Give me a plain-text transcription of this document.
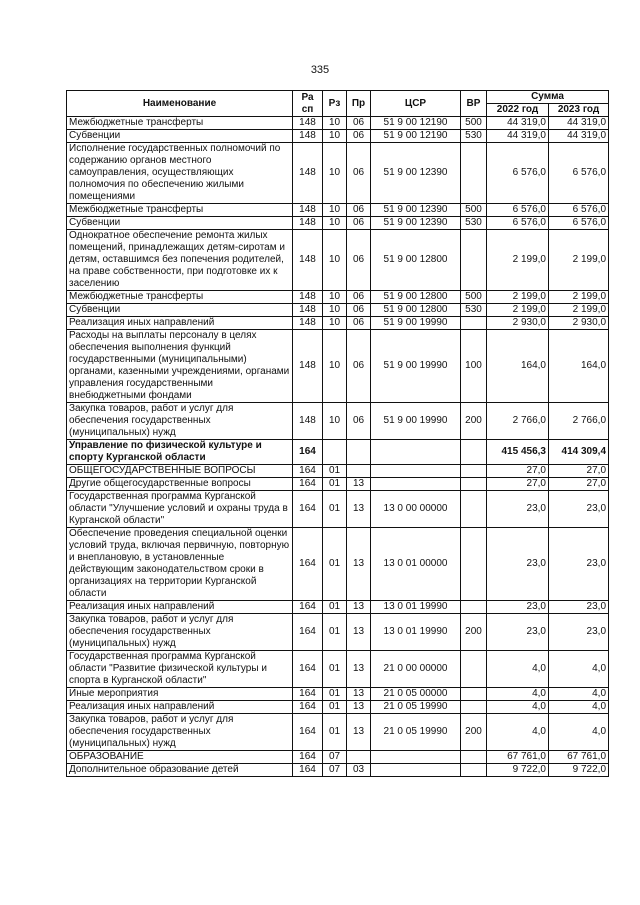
335
Наименование	Ра сп	Рз	Пр	ЦСР	ВР	Сумма	
						2022 год	2023 год
Межбюджетные трансферты	148	10	06	51 9 00 12190	500	44 319,0	44 319,0
Субвенции	148	10	06	51 9 00 12190	530	44 319,0	44 319,0
Исполнение государственных полномочий по содержанию органов местного самоуправления, осуществляющих полномочия по обеспечению жилыми помещениями	148	10	06	51 9 00 12390		6 576,0	6 576,0
Межбюджетные трансферты	148	10	06	51 9 00 12390	500	6 576,0	6 576,0
Субвенции	148	10	06	51 9 00 12390	530	6 576,0	6 576,0
Однократное обеспечение ремонта жилых помещений, принадлежащих детям-сиротам и детям, оставшимся без попечения родителей, на праве собственности, при подготовке их к заселению	148	10	06	51 9 00 12800		2 199,0	2 199,0
Межбюджетные трансферты	148	10	06	51 9 00 12800	500	2 199,0	2 199,0
Субвенции	148	10	06	51 9 00 12800	530	2 199,0	2 199,0
Реализация иных направлений	148	10	06	51 9 00 19990		2 930,0	2 930,0
Расходы на выплаты персоналу в целях обеспечения выполнения функций государственными (муниципальными) органами, казенными учреждениями, органами управления государственными внебюджетными фондами	148	10	06	51 9 00 19990	100	164,0	164,0
Закупка товаров, работ и услуг для обеспечения государственных (муниципальных) нужд	148	10	06	51 9 00 19990	200	2 766,0	2 766,0
Управление по физической культуре и спорту Курганской области	164					415 456,3	414 309,4
ОБЩЕГОСУДАРСТВЕННЫЕ ВОПРОСЫ	164	01				27,0	27,0
Другие общегосударственные вопросы	164	01	13			27,0	27,0
Государственная программа Курганской области "Улучшение условий и охраны труда в Курганской области"	164	01	13	13 0 00 00000		23,0	23,0
Обеспечение проведения специальной оценки условий труда, включая первичную, повторную и внеплановую, в установленные действующим законодательством сроки в организациях на территории Курганской области	164	01	13	13 0 01 00000		23,0	23,0
Реализация иных направлений	164	01	13	13 0 01 19990		23,0	23,0
Закупка товаров, работ и услуг для обеспечения государственных (муниципальных) нужд	164	01	13	13 0 01 19990	200	23,0	23,0
Государственная программа Курганской области "Развитие физической культуры и спорта в Курганской области"	164	01	13	21 0 00 00000		4,0	4,0
Иные мероприятия	164	01	13	21 0 05 00000		4,0	4,0
Реализация иных направлений	164	01	13	21 0 05 19990		4,0	4,0
Закупка товаров, работ и услуг для обеспечения государственных (муниципальных) нужд	164	01	13	21 0 05 19990	200	4,0	4,0
ОБРАЗОВАНИЕ	164	07				67 761,0	67 761,0
Дополнительное образование детей	164	07	03			9 722,0	9 722,0
